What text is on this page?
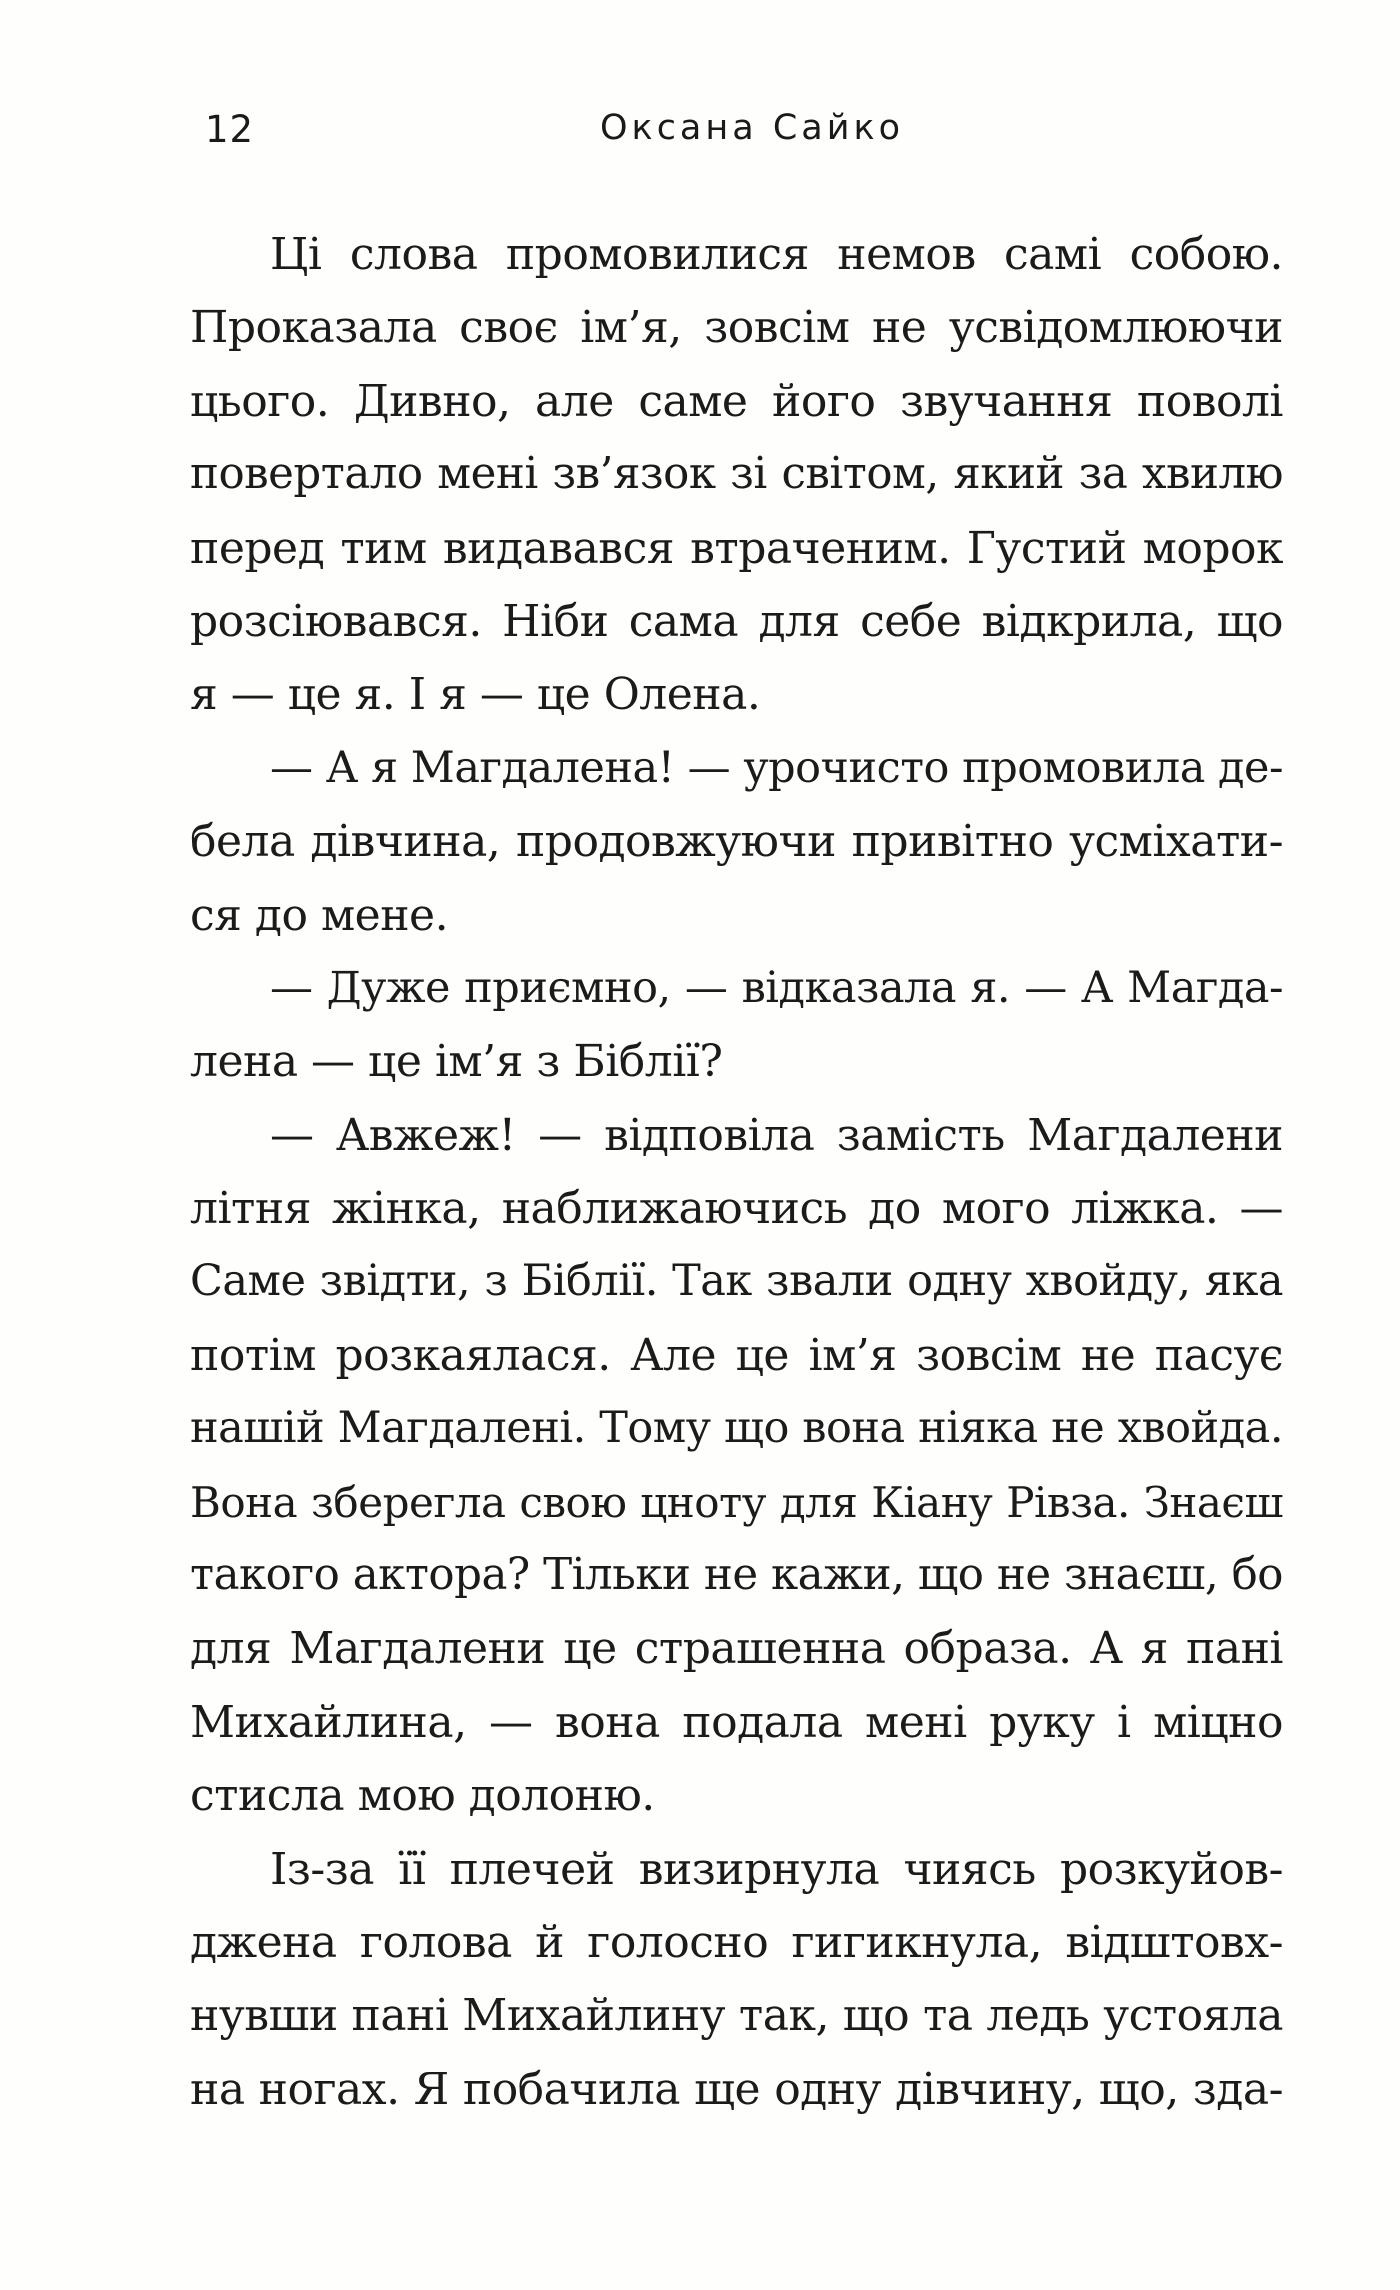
12	Оксана Сайко
Ці слова промовилися немов самі собою.
Проказала своє ім’я, зовсім не усвідомлюючи
цього. Дивно, але саме його звучання поволі
повертало мені зв’язок зі світом, який за хвилю
перед тим видавався втраченим. Густий морок
розсіювався. Ніби сама для себе відкрила, що
я — це я. І я — це Олена.
— А я Магдалена! — урочисто промовила де-
бела дівчина, продовжуючи привітно усміхати-
ся до мене.
— Дуже приємно, — відказала я. — А Магда-
лена — це ім’я з Біблії?
— Авжеж! — відповіла замість Магдалени
літня жінка, наближаючись до мого ліжка. —
Саме звідти, з Біблії. Так звали одну хвойду, яка
потім розкаялася. Але це ім’я зовсім не пасує
нашій Магдалені. Тому що вона ніяка не хвойда.
Вона зберегла свою цноту для Кіану Рівза. Знаєш
такого актора? Тільки не кажи, що не знаєш, бо
для Магдалени це страшенна образа. А я пані
Михайлина, — вона подала мені руку і міцно
стисла мою долоню.
Із-за її плечей визирнула чиясь розкуйов-
джена голова й голосно гигикнула, відштовх-
нувши пані Михайлину так, що та ледь устояла
на ногах. Я побачила ще одну дівчину, що, зда-
